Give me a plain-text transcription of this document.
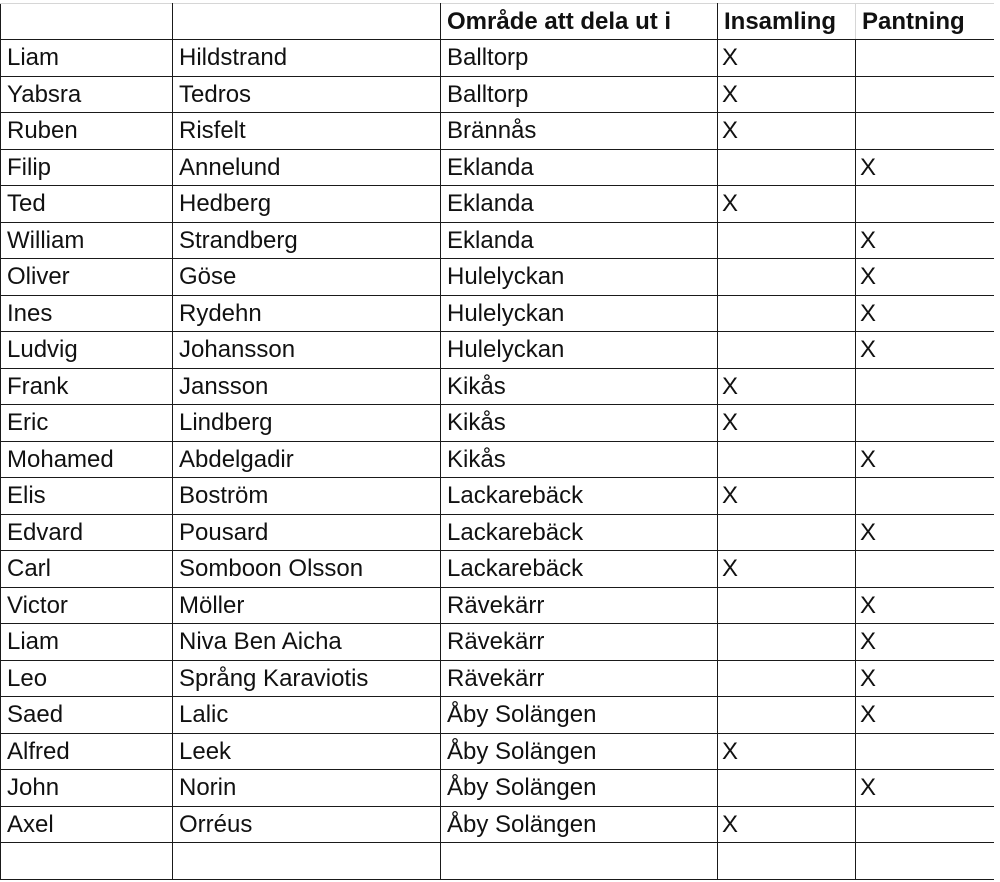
		Område att dela ut i	Insamling	Pantning
Liam	Hildstrand	Balltorp	X	
Yabsra	Tedros	Balltorp	X	
Ruben	Risfelt	Brännås	X	
Filip	Annelund	Eklanda		X
Ted	Hedberg	Eklanda	X	
William	Strandberg	Eklanda		X
Oliver	Göse	Hulelyckan		X
Ines	Rydehn	Hulelyckan		X
Ludvig	Johansson	Hulelyckan		X
Frank	Jansson	Kikås	X	
Eric	Lindberg	Kikås	X	
Mohamed	Abdelgadir	Kikås		X
Elis	Boström	Lackarebäck	X	
Edvard	Pousard	Lackarebäck		X
Carl	Somboon Olsson	Lackarebäck	X	
Victor	Möller	Rävekärr		X
Liam	Niva Ben Aicha	Rävekärr		X
Leo	Språng Karaviotis	Rävekärr		X
Saed	Lalic	Åby Solängen		X
Alfred	Leek	Åby Solängen	X	
John	Norin	Åby Solängen		X
Axel	Orréus	Åby Solängen	X	
